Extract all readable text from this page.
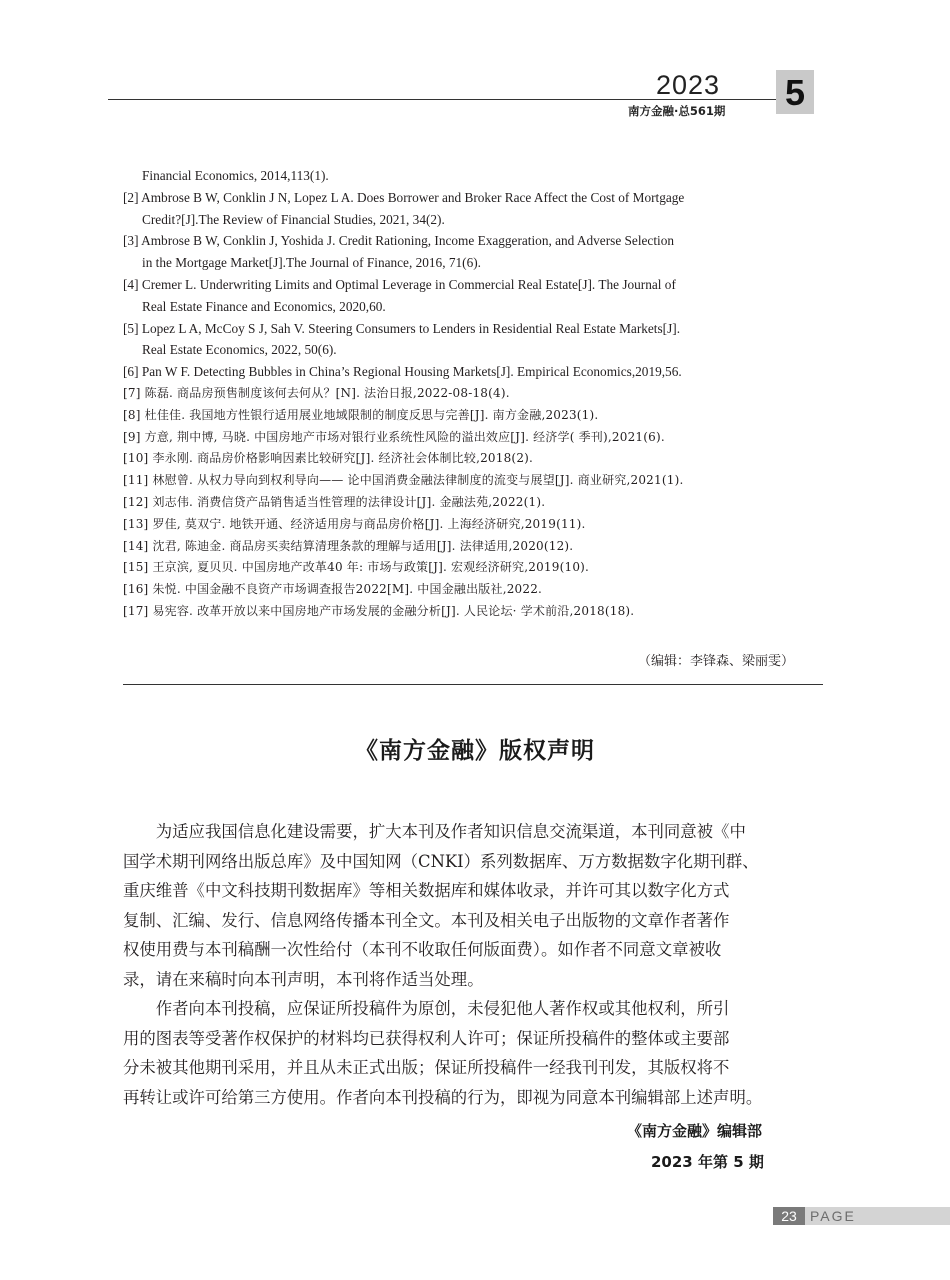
2023
南方金融·总561期 5
Financial Economics, 2014,113(1).
[2] Ambrose B W, Conklin J N, Lopez L A. Does Borrower and Broker Race Affect the Cost of Mortgage
Credit?[J].The Review of Financial Studies, 2021, 34(2).
[3] Ambrose B W, Conklin J, Yoshida J. Credit Rationing, Income Exaggeration, and Adverse Selection
in the Mortgage Market[J].The Journal of Finance, 2016, 71(6).
[4] Cremer L. Underwriting Limits and Optimal Leverage in Commercial Real Estate[J]. The Journal of
Real Estate Finance and Economics, 2020,60.
[5] Lopez L A, McCoy S J, Sah V. Steering Consumers to Lenders in Residential Real Estate Markets[J].
Real Estate Economics, 2022, 50(6).
[6] Pan W F. Detecting Bubbles in China’s Regional Housing Markets[J]. Empirical Economics,2019,56.
[7] 陈磊. 商品房预售制度该何去何从？[N]. 法治日报,2022-08-18(4).
[8] 杜佳佳. 我国地方性银行适用展业地域限制的制度反思与完善[J]. 南方金融,2023(1).
[9] 方意, 荆中博, 马晓. 中国房地产市场对银行业系统性风险的溢出效应[J]. 经济学( 季刊),2021(6).
[10] 李永刚. 商品房价格影响因素比较研究[J]. 经济社会体制比较,2018(2).
[11] 林慰曾. 从权力导向到权利导向—— 论中国消费金融法律制度的流变与展望[J]. 商业研究,2021(1).
[12] 刘志伟. 消费信贷产品销售适当性管理的法律设计[J]. 金融法苑,2022(1).
[13] 罗佳, 莫双宁. 地铁开通、经济适用房与商品房价格[J]. 上海经济研究,2019(11).
[14] 沈君, 陈迪金. 商品房买卖结算清理条款的理解与适用[J]. 法律适用,2020(12).
[15] 王京滨, 夏贝贝. 中国房地产改革40 年: 市场与政策[J]. 宏观经济研究,2019(10).
[16] 朱悦. 中国金融不良资产市场调查报告2022[M]. 中国金融出版社,2022.
[17] 易宪容. 改革开放以来中国房地产市场发展的金融分析[J]. 人民论坛· 学术前沿,2018(18).
（编辑：李锋森、梁丽雯）
《南方金融》版权声明
　　为适应我国信息化建设需要，扩大本刊及作者知识信息交流渠道，本刊同意被《中
国学术期刊网络出版总库》及中国知网（CNKI）系列数据库、万方数据数字化期刊群、
重庆维普《中文科技期刊数据库》等相关数据库和媒体收录，并许可其以数字化方式
复制、汇编、发行、信息网络传播本刊全文。本刊及相关电子出版物的文章作者著作
权使用费与本刊稿酬一次性给付（本刊不收取任何版面费）。如作者不同意文章被收
录，请在来稿时向本刊声明，本刊将作适当处理。
　　作者向本刊投稿，应保证所投稿件为原创，未侵犯他人著作权或其他权利，所引
用的图表等受著作权保护的材料均已获得权利人许可；保证所投稿件的整体或主要部
分未被其他期刊采用，并且从未正式出版；保证所投稿件一经我刊刊发，其版权将不
再转让或许可给第三方使用。作者向本刊投稿的行为，即视为同意本刊编辑部上述声明。
《南方金融》编辑部
2023 年第 5 期
23 PAGE
